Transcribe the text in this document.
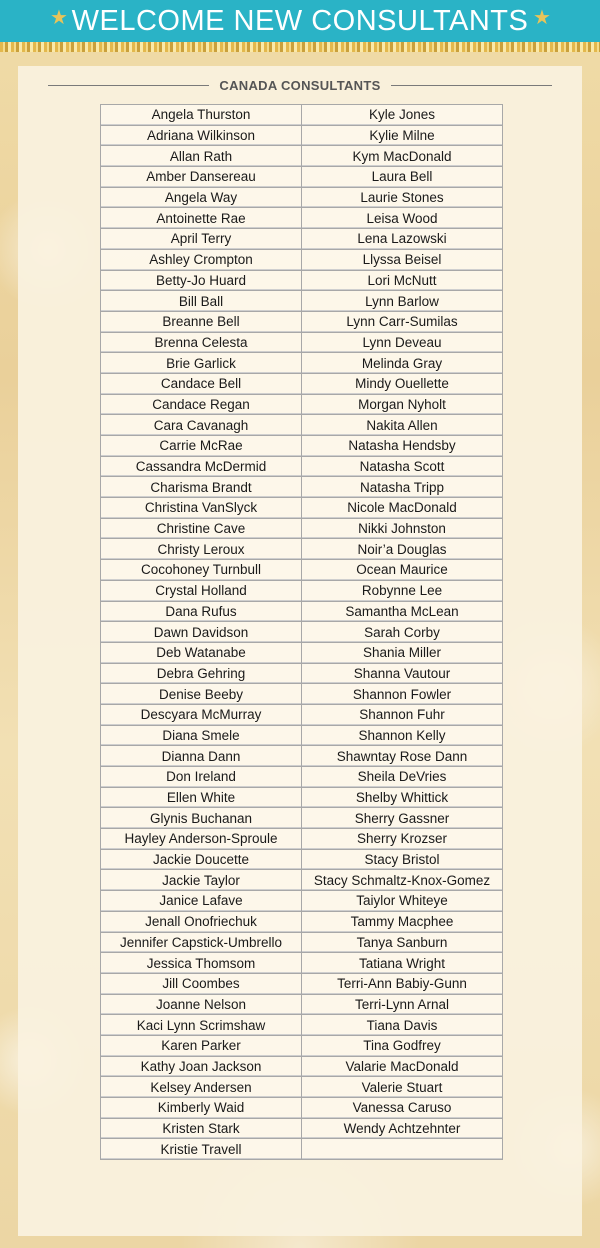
★ WELCOME NEW CONSULTANTS ★
CANADA CONSULTANTS
Angela Thurston	Kyle Jones
Adriana Wilkinson	Kylie Milne
Allan Rath	Kym MacDonald
Amber Dansereau	Laura Bell
Angela Way	Laurie Stones
Antoinette Rae	Leisa Wood
April Terry	Lena Lazowski
Ashley Crompton	Llyssa Beisel
Betty-Jo Huard	Lori McNutt
Bill Ball	Lynn Barlow
Breanne Bell	Lynn Carr-Sumilas
Brenna Celesta	Lynn Deveau
Brie Garlick	Melinda Gray
Candace Bell	Mindy Ouellette
Candace Regan	Morgan Nyholt
Cara Cavanagh	Nakita Allen
Carrie McRae	Natasha Hendsby
Cassandra McDermid	Natasha Scott
Charisma Brandt	Natasha Tripp
Christina VanSlyck	Nicole MacDonald
Christine Cave	Nikki Johnston
Christy Leroux	Noir’a Douglas
Cocohoney Turnbull	Ocean Maurice
Crystal Holland	Robynne Lee
Dana Rufus	Samantha McLean
Dawn Davidson	Sarah Corby
Deb Watanabe	Shania Miller
Debra Gehring	Shanna Vautour
Denise Beeby	Shannon Fowler
Descyara McMurray	Shannon Fuhr
Diana Smele	Shannon Kelly
Dianna Dann	Shawntay Rose Dann
Don Ireland	Sheila DeVries
Ellen White	Shelby Whittick
Glynis Buchanan	Sherry Gassner
Hayley Anderson-Sproule	Sherry Krozser
Jackie Doucette	Stacy Bristol
Jackie Taylor	Stacy Schmaltz-Knox-Gomez
Janice Lafave	Taiylor Whiteye
Jenall Onofriechuk	Tammy Macphee
Jennifer Capstick-Umbrello	Tanya Sanburn
Jessica Thomsom	Tatiana Wright
Jill Coombes	Terri-Ann Babiy-Gunn
Joanne Nelson	Terri-Lynn Arnal
Kaci Lynn Scrimshaw	Tiana Davis
Karen Parker	Tina Godfrey
Kathy Joan Jackson	Valarie MacDonald
Kelsey Andersen	Valerie Stuart
Kimberly Waid	Vanessa Caruso
Kristen Stark	Wendy Achtzehnter
Kristie Travell	
